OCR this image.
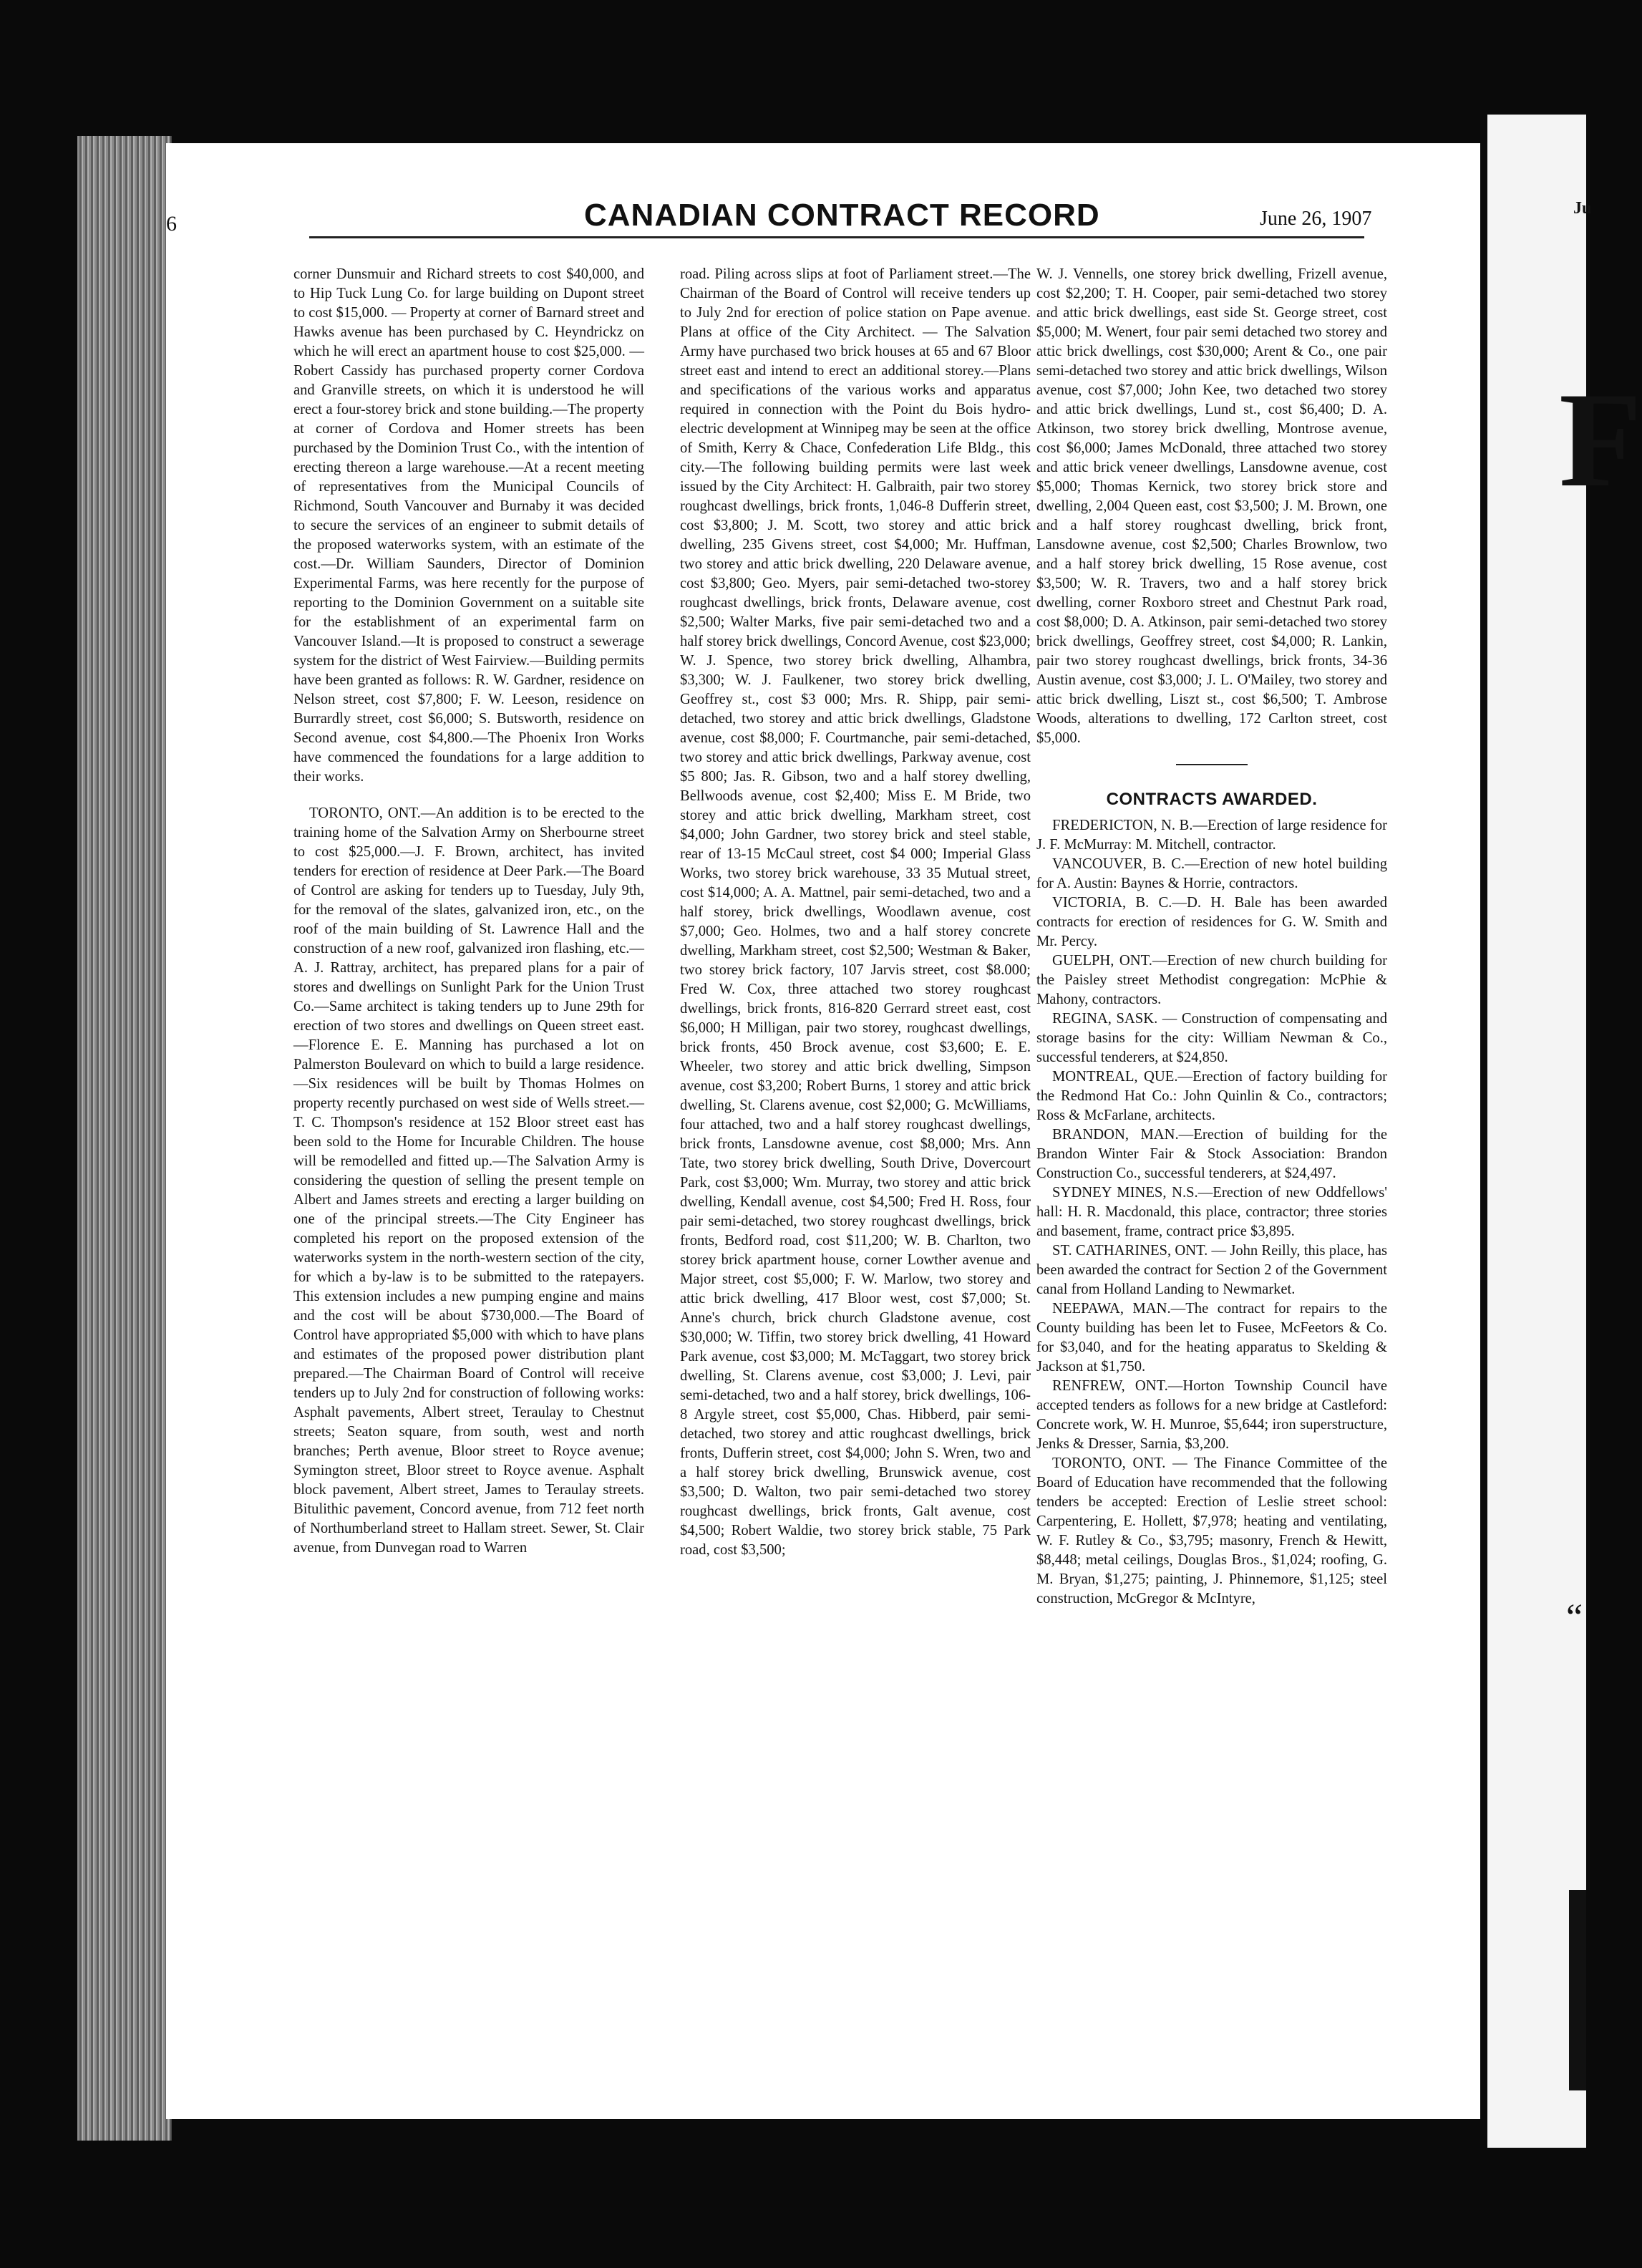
Ju
F
“
6	CANADIAN CONTRACT RECORD	June 26, 1907

corner Dunsmuir and Richard streets to cost $40,000, and to Hip Tuck Lung Co. for large building on Dupont street to cost $15,000. — Property at corner of Barnard street and Hawks avenue has been purchased by C. Heyndrickz on which he will erect an apartment house to cost $25,000. — Robert Cassidy has purchased property corner Cordova and Granville streets, on which it is understood he will erect a four-storey brick and stone building.—The property at corner of Cordova and Homer streets has been purchased by the Dominion Trust Co., with the intention of erecting thereon a large warehouse.—At a recent meeting of representatives from the Municipal Councils of Richmond, South Vancouver and Burnaby it was decided to secure the services of an engineer to submit details of the proposed waterworks system, with an estimate of the cost.—Dr. William Saunders, Director of Dominion Experimental Farms, was here recently for the purpose of reporting to the Dominion Government on a suitable site for the establishment of an experimental farm on Vancouver Island.—It is proposed to construct a sewerage system for the district of West Fairview.—Building permits have been granted as follows: R. W. Gardner, residence on Nelson street, cost $7,800; F. W. Leeson, residence on Burrardly street, cost $6,000; S. Butsworth, residence on Second avenue, cost $4,800.—The Phoenix Iron Works have commenced the foundations for a large addition to their works.

TORONTO, ONT.—An addition is to be erected to the training home of the Salvation Army on Sherbourne street to cost $25,000.—J. F. Brown, architect, has invited tenders for erection of residence at Deer Park.—The Board of Control are asking for tenders up to Tuesday, July 9th, for the removal of the slates, galvanized iron, etc., on the roof of the main building of St. Lawrence Hall and the construction of a new roof, galvanized iron flashing, etc.—A. J. Rattray, architect, has prepared plans for a pair of stores and dwellings on Sunlight Park for the Union Trust Co.—Same architect is taking tenders up to June 29th for erection of two stores and dwellings on Queen street east.—Florence E. E. Manning has purchased a lot on Palmerston Boulevard on which to build a large residence.—Six residences will be built by Thomas Holmes on property recently purchased on west side of Wells street.—T. C. Thompson's residence at 152 Bloor street east has been sold to the Home for Incurable Children. The house will be remodelled and fitted up.—The Salvation Army is considering the question of selling the present temple on Albert and James streets and erecting a larger building on one of the principal streets.—The City Engineer has completed his report on the proposed extension of the waterworks system in the north-western section of the city, for which a by-law is to be submitted to the ratepayers. This extension includes a new pumping engine and mains and the cost will be about $730,000.—The Board of Control have appropriated $5,000 with which to have plans and estimates of the proposed power distribution plant prepared.—The Chairman Board of Control will receive tenders up to July 2nd for construction of following works: Asphalt pavements, Albert street, Teraulay to Chestnut streets; Seaton square, from south, west and north branches; Perth avenue, Bloor street to Royce avenue; Symington street, Bloor street to Royce avenue. Asphalt block pavement, Albert street, James to Teraulay streets. Bitulithic pavement, Concord avenue, from 712 feet north of Northumberland street to Hallam street. Sewer, St. Clair avenue, from Dunvegan road to Warren

road. Piling across slips at foot of Parliament street.—The Chairman of the Board of Control will receive tenders up to July 2nd for erection of police station on Pape avenue. Plans at office of the City Architect. — The Salvation Army have purchased two brick houses at 65 and 67 Bloor street east and intend to erect an additional storey.—Plans and specifications of the various works and apparatus required in connection with the Point du Bois hydro-electric development at Winnipeg may be seen at the office of Smith, Kerry & Chace, Confederation Life Bldg., this city.—The following building permits were last week issued by the City Architect: H. Galbraith, pair two storey roughcast dwellings, brick fronts, 1,046-8 Dufferin street, cost $3,800; J. M. Scott, two storey and attic brick dwelling, 235 Givens street, cost $4,000; Mr. Huffman, two storey and attic brick dwelling, 220 Delaware avenue, cost $3,800; Geo. Myers, pair semi-detached two-storey roughcast dwellings, brick fronts, Delaware avenue, cost $2,500; Walter Marks, five pair semi-detached two and a half storey brick dwellings, Concord Avenue, cost $23,000; W. J. Spence, two storey brick dwelling, Alhambra, $3,300; W. J. Faulkener, two storey brick dwelling, Geoffrey st., cost $3 000; Mrs. R. Shipp, pair semi-detached, two storey and attic brick dwellings, Gladstone avenue, cost $8,000; F. Courtmanche, pair semi-detached, two storey and attic brick dwellings, Parkway avenue, cost $5 800; Jas. R. Gibson, two and a half storey dwelling, Bellwoods avenue, cost $2,400; Miss E. M Bride, two storey and attic brick dwelling, Markham street, cost $4,000; John Gardner, two storey brick and steel stable, rear of 13-15 McCaul street, cost $4 000; Imperial Glass Works, two storey brick warehouse, 33 35 Mutual street, cost $14,000; A. A. Mattnel, pair semi-detached, two and a half storey, brick dwellings, Woodlawn avenue, cost $7,000; Geo. Holmes, two and a half storey concrete dwelling, Markham street, cost $2,500; Westman & Baker, two storey brick factory, 107 Jarvis street, cost $8.000; Fred W. Cox, three attached two storey roughcast dwellings, brick fronts, 816-820 Gerrard street east, cost $6,000; H Milligan, pair two storey, roughcast dwellings, brick fronts, 450 Brock avenue, cost $3,600; E. E. Wheeler, two storey and attic brick dwelling, Simpson avenue, cost $3,200; Robert Burns, 1 storey and attic brick dwelling, St. Clarens avenue, cost $2,000; G. McWilliams, four attached, two and a half storey roughcast dwellings, brick fronts, Lansdowne avenue, cost $8,000; Mrs. Ann Tate, two storey brick dwelling, South Drive, Dovercourt Park, cost $3,000; Wm. Murray, two storey and attic brick dwelling, Kendall avenue, cost $4,500; Fred H. Ross, four pair semi-detached, two storey roughcast dwellings, brick fronts, Bedford road, cost $11,200; W. B. Charlton, two storey brick apartment house, corner Lowther avenue and Major street, cost $5,000; F. W. Marlow, two storey and attic brick dwelling, 417 Bloor west, cost $7,000; St. Anne's church, brick church Gladstone avenue, cost $30,000; W. Tiffin, two storey brick dwelling, 41 Howard Park avenue, cost $3,000; M. McTaggart, two storey brick dwelling, St. Clarens avenue, cost $3,000; J. Levi, pair semi-detached, two and a half storey, brick dwellings, 106-8 Argyle street, cost $5,000, Chas. Hibberd, pair semi-detached, two storey and attic roughcast dwellings, brick fronts, Dufferin street, cost $4,000; John S. Wren, two and a half storey brick dwelling, Brunswick avenue, cost $3,500; D. Walton, two pair semi-detached two storey roughcast dwellings, brick fronts, Galt avenue, cost $4,500; Robert Waldie, two storey brick stable, 75 Park road, cost $3,500;

W. J. Vennells, one storey brick dwelling, Frizell avenue, cost $2,200; T. H. Cooper, pair semi-detached two storey and attic brick dwellings, east side St. George street, cost $5,000; M. Wenert, four pair semi detached two storey and attic brick dwellings, cost $30,000; Arent & Co., one pair semi-detached two storey and attic brick dwellings, Wilson avenue, cost $7,000; John Kee, two detached two storey and attic brick dwellings, Lund st., cost $6,400; D. A. Atkinson, two storey brick dwelling, Montrose avenue, cost $6,000; James McDonald, three attached two storey and attic brick veneer dwellings, Lansdowne avenue, cost $5,000; Thomas Kernick, two storey brick store and dwelling, 2,004 Queen east, cost $3,500; J. M. Brown, one and a half storey roughcast dwelling, brick front, Lansdowne avenue, cost $2,500; Charles Brownlow, two and a half storey brick dwelling, 15 Rose avenue, cost $3,500; W. R. Travers, two and a half storey brick dwelling, corner Roxboro street and Chestnut Park road, cost $8,000; D. A. Atkinson, pair semi-detached two storey brick dwellings, Geoffrey street, cost $4,000; R. Lankin, pair two storey roughcast dwellings, brick fronts, 34-36 Austin avenue, cost $3,000; J. L. O'Mailey, two storey and attic brick dwelling, Liszt st., cost $6,500; T. Ambrose Woods, alterations to dwelling, 172 Carlton street, cost $5,000.

CONTRACTS AWARDED.

FREDERICTON, N. B.—Erection of large residence for J. F. McMurray: M. Mitchell, contractor.

VANCOUVER, B. C.—Erection of new hotel building for A. Austin: Baynes & Horrie, contractors.

VICTORIA, B. C.—D. H. Bale has been awarded contracts for erection of residences for G. W. Smith and Mr. Percy.

GUELPH, ONT.—Erection of new church building for the Paisley street Methodist congregation: McPhie & Mahony, contractors.

REGINA, SASK. — Construction of compensating and storage basins for the city: William Newman & Co., successful tenderers, at $24,850.

MONTREAL, QUE.—Erection of factory building for the Redmond Hat Co.: John Quinlin & Co., contractors; Ross & McFarlane, architects.

BRANDON, MAN.—Erection of building for the Brandon Winter Fair & Stock Association: Brandon Construction Co., successful tenderers, at $24,497.

SYDNEY MINES, N.S.—Erection of new Oddfellows' hall: H. R. Macdonald, this place, contractor; three stories and basement, frame, contract price $3,895.

ST. CATHARINES, ONT. — John Reilly, this place, has been awarded the contract for Section 2 of the Government canal from Holland Landing to Newmarket.

NEEPAWA, MAN.—The contract for repairs to the County building has been let to Fusee, McFeetors & Co. for $3,040, and for the heating apparatus to Skelding & Jackson at $1,750.

RENFREW, ONT.—Horton Township Council have accepted tenders as follows for a new bridge at Castleford: Concrete work, W. H. Munroe, $5,644; iron superstructure, Jenks & Dresser, Sarnia, $3,200.

TORONTO, ONT. — The Finance Committee of the Board of Education have recommended that the following tenders be accepted: Erection of Leslie street school: Carpentering, E. Hollett, $7,978; heating and ventilating, W. F. Rutley & Co., $3,795; masonry, French & Hewitt, $8,448; metal ceilings, Douglas Bros., $1,024; roofing, G. M. Bryan, $1,275; painting, J. Phinnemore, $1,125; steel construction, McGregor & McIntyre,
